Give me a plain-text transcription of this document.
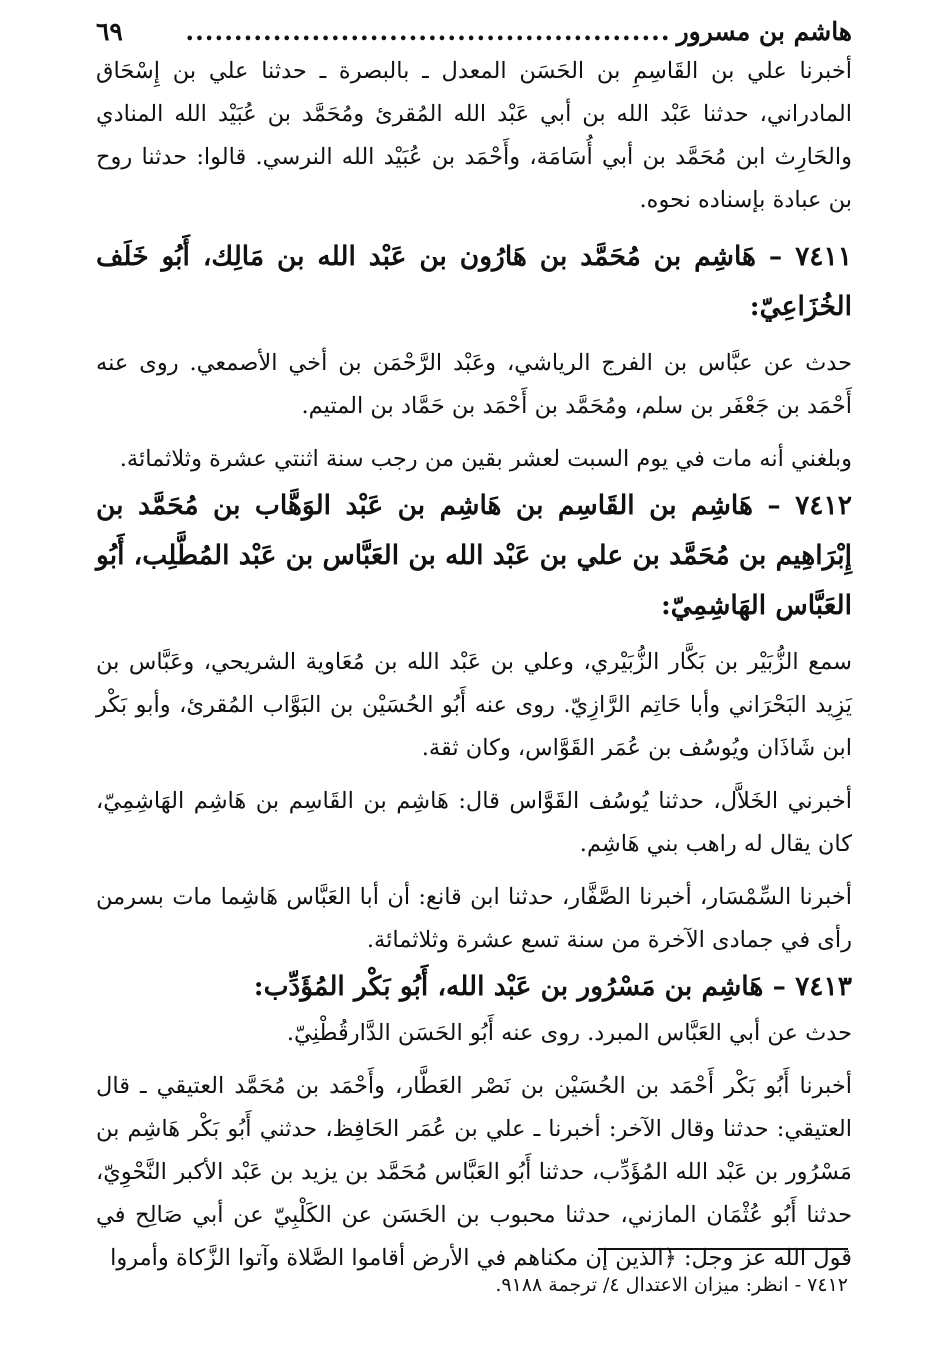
هاشم بن مسرور
..................................................
٦٩

أخبرنا علي بن القَاسِمِ بن الحَسَن المعدل ـ بالبصرة ـ حدثنا علي بن إِسْحَاق المادراني، حدثنا عَبْد الله بن أبي عَبْد الله المُقرئ ومُحَمَّد بن عُبَيْد الله المنادي والحَارِث ابن مُحَمَّد بن أبي أُسَامَة، وأَحْمَد بن عُبَيْد الله النرسي. قالوا: حدثنا روح بن عبادة بإسناده نحوه.

٧٤١١ – هَاشِم بن مُحَمَّد بن هَارُون بن عَبْد الله بن مَالِك، أَبُو خَلَف الخُزَاعِيّ:

حدث عن عبَّاس بن الفرج الرياشي، وعَبْد الرَّحْمَن بن أخي الأصمعي. روى عنه أَحْمَد بن جَعْفَر بن سلم، ومُحَمَّد بن أَحْمَد بن حَمَّاد بن المتيم.

وبلغني أنه مات في يوم السبت لعشر بقين من رجب سنة اثنتي عشرة وثلاثمائة.

٧٤١٢ – هَاشِم بن القَاسِم بن هَاشِم بن عَبْد الوَهَّاب بن مُحَمَّد بن إِبْرَاهِيم بن مُحَمَّد بن علي بن عَبْد الله بن العَبَّاس بن عَبْد المُطَّلِب، أَبُو العَبَّاس الهَاشِمِيّ:

سمع الزُّبَيْر بن بَكَّار الزُّبَيْري، وعلي بن عَبْد الله بن مُعَاوية الشريحي، وعَبَّاس بن يَزِيد البَحْرَاني وأبا حَاتِم الرَّازِيّ. روى عنه أَبُو الحُسَيْن بن البَوَّاب المُقرئ، وأبو بَكْر ابن شَاذَان ويُوسُف بن عُمَر القَوَّاس، وكان ثقة.

أخبرني الخَلاَّل، حدثنا يُوسُف القَوَّاس قال: هَاشِم بن القَاسِم بن هَاشِم الهَاشِمِيّ، كان يقال له راهب بني هَاشِم.

أخبرنا السِّمْسَار، أخبرنا الصَّفَّار، حدثنا ابن قانع: أن أبا العَبَّاس هَاشِما مات بسرمن رأى في جمادى الآخرة من سنة تسع عشرة وثلاثمائة.

٧٤١٣ – هَاشِم بن مَسْرُور بن عَبْد الله، أَبُو بَكْر المُؤَدِّب:

حدث عن أبي العَبَّاس المبرد. روى عنه أَبُو الحَسَن الدَّارقُطْنِيّ.

أخبرنا أَبُو بَكْر أَحْمَد بن الحُسَيْن بن نَصْر العَطَّار، وأَحْمَد بن مُحَمَّد العتيقي ـ قال العتيقي: حدثنا وقال الآخر: أخبرنا ـ علي بن عُمَر الحَافِظ، حدثني أَبُو بَكْر هَاشِم بن مَسْرُور بن عَبْد الله المُؤَدِّب، حدثنا أَبُو العَبَّاس مُحَمَّد بن يزيد بن عَبْد الأكبر النَّحْوِيّ، حدثنا أَبُو عُثْمَان المازني، حدثنا محبوب بن الحَسَن عن الكَلْبِيّ عن أبي صَالِح في قول الله عز وجل: ﴿الذين إن مكناهم في الأرض أقاموا الصَّلاة وآتوا الزَّكاة وأمروا

٧٤١٢ - انظر: ميزان الاعتدال ٤/ ترجمة ٩١٨٨.
